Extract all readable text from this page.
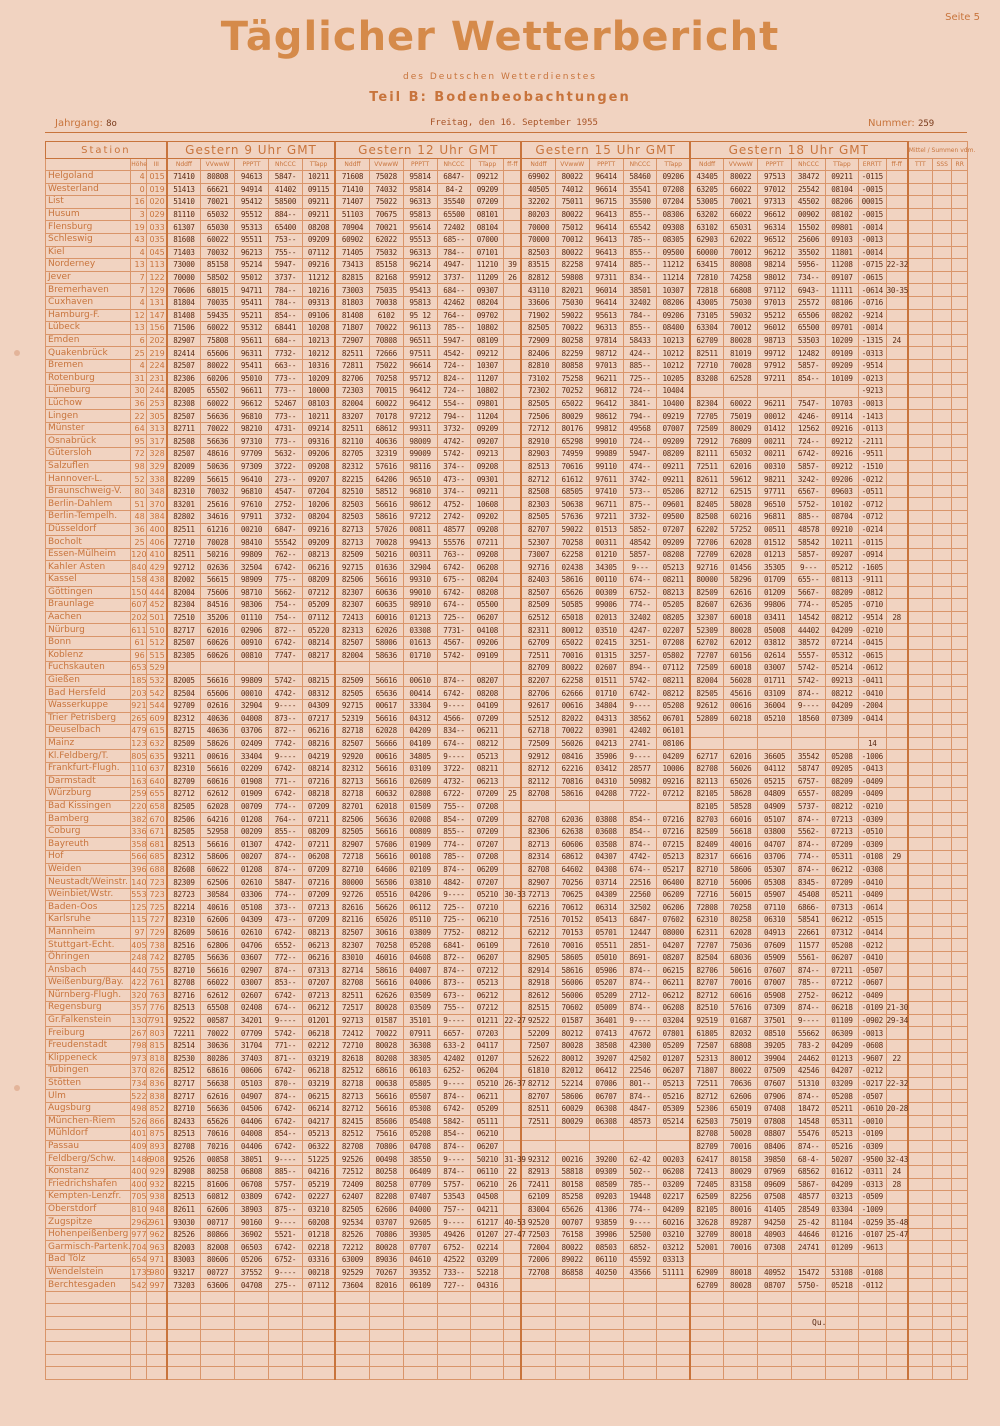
Seite 5
Täglicher Wetterbericht
des Deutschen Wetterdienstes
Teil B: Bodenbeobachtungen
Jahrgang: 8o	Freitag, den 16. September 1955	Nummer: 259
Station			Gestern 9 Uhr GMT					Gestern 12 Uhr GMT						Gestern 15 Uhr GMT					Gestern 18 Uhr GMT							Mittel / Summen vdm.		
	Höhe	III	Nddff	VVwwW	PPPTT	NhCCC	TTapp	Nddff	VVwwW	PPPTT	NhCCC	TTapp	ff-ff	Nddff	VVwwW	PPPTT	NhCCC	TTapp	Nddff	VVwwW	PPPTT	NhCCC	TTapp	ERRTT	ff-ff	TTT	SSS	RR
Helgoland	4	015	71410	80808	94613	5847-	10211	71608	75028	95814	6847-	09212		69902	80022	96414	58460	09206	43405	80022	97513	38472	09211	-0115				
Westerland	0	019	51413	66621	94914	41402	09115	71410	74032	95814	84-2	09209		40505	74012	96614	35541	07208	63205	66022	97012	25542	08104	-0015				
List	16	020	51410	70021	95412	58500	09211	71407	75022	96313	35540	07209		32202	75011	96715	35500	07204	53005	70021	97313	45502	08206	00015				
Husum	3	029	81110	65032	95512	884--	09211	51103	70675	95813	65500	08101		80203	80022	96413	855--	08306	63202	66022	96612	00902	08102	-0015				
Flensburg	19	033	61307	65030	95313	65400	08208	70904	70021	95614	72402	08104		70000	75012	96414	65542	09308	63102	65031	96314	15502	09801	-0014				
Schleswig	43	035	81608	60022	95511	753--	09209	60902	62022	95513	685--	07000		70000	70012	96413	785--	08305	62903	62022	96512	25606	09103	-0013				
Kiel	4	045	71403	70032	96213	755--	07112	71405	75032	96313	784--	07101		82503	80022	96413	855--	09500	60000	70012	96212	35502	11801	-0014				
Norderney	13	113	73000	85158	95214	5947-	09216	73413	85158	96214	4947-	11210	39	83515	82258	97414	885--	11212	63415	80808	98214	5956-	11208	-0715	22-32			
Jever	7	122	70000	58502	95012	3737-	11212	82815	82168	95912	3737-	11209	26	82812	59808	97311	834--	11214	72810	74258	98012	734--	09107	-0615				
Bremerhaven	7	129	70606	68015	94711	784--	10216	73003	75035	95413	684--	09307		43110	82021	96014	38501	10307	72818	66808	97112	6943-	11111	-0614	30-35			
Cuxhaven	4	131	81804	70035	95411	784--	09313	81803	70038	95813	42462	08204		33606	75030	96414	32402	08206	43005	75030	97013	25572	08106	-0716				
Hamburg-F.	12	147	81408	59435	95211	854--	09106	81408	6102	95 12	764--	09702		71902	59022	95613	784--	09206	73105	59032	95212	65506	08202	-9214				
Lübeck	13	156	71506	60022	95312	68441	10208	71807	70022	96113	785--	10802		82505	70022	96313	855--	08400	63304	70012	96012	65500	09701	-0014				
Emden	6	202	82907	75808	95611	684--	10213	72907	70808	96511	5947-	08109		72909	80258	97814	58433	10213	62709	80028	98713	53503	10209	-1315	24			
Quakenbrück	25	219	82414	65606	96311	7732-	10212	82511	72666	97511	4542-	09212		82406	82259	98712	424--	10212	82511	81019	99712	12482	09109	-0313				
Bremen	4	224	82507	80022	95411	663--	10316	72811	75022	96614	724--	10307		82810	80858	97013	885--	10212	72710	70028	97912	5857-	09209	-9514				
Rotenburg	31	231	82306	60206	95010	773--	10209	82706	70258	95712	824--	11207		73102	75258	96211	725--	10205	83208	62528	97211	854--	10109	-0213				
Lüneburg	30	244	82005	65502	96611	773--	10000	72303	70015	96412	724--	10802		72302	70252	96812	724--	10404						-9213				
Lüchow	36	253	82308	60022	96612	52467	08103	82004	60022	96412	554--	09801		82505	65022	96412	3841-	10400	82304	60022	96211	7547-	10703	-0013				
Lingen	22	305	82507	56636	96810	773--	10211	83207	70178	97212	794--	11204		72506	80029	98612	794--	09219	72705	75019	00012	4246-	09114	-1413				
Münster	64	313	82711	70022	98210	4731-	09214	82511	68612	99311	3732-	09209		72712	80176	99812	49568	07007	72509	80029	01412	12562	09216	-0113				
Osnabrück	95	317	82508	56636	97310	773--	09316	82110	40636	98009	4742-	09207		82910	65298	99010	724--	09209	72912	76809	00211	724--	09212	-2111				
Gütersloh	72	328	82507	48616	97709	5632-	09206	82705	32319	99009	5742-	09213		82903	74959	99089	5947-	08209	82111	65032	00211	6742-	09216	-9511				
Salzuflen	98	329	82009	50636	97309	3722-	09208	82312	57616	98116	374--	09208		82513	70616	99110	474--	09211	72511	62016	00310	5857-	09212	-1510				
Hannover-L.	52	338	82209	56615	96410	273--	09207	82215	64206	96510	473--	09301		82712	61612	97611	3742-	09211	82611	59612	98211	3242-	09206	-0212				
Braunschweig-V.	80	348	82310	70032	96810	4547-	07204	82510	58512	96810	374--	09211		82508	68505	97410	573--	05206	82712	62515	97711	6567-	09603	-0511				
Berlin-Dahlem	51	370	83201	25616	97610	2752-	10206	82503	56616	98612	4752-	10608		82303	50638	96711	875--	09601	82405	58028	96510	5752-	10102	-0712				
Berlin-Tempelh.	48	384	82802	34616	97911	3732-	08204	82503	58616	97212	2742-	09202		82505	57636	97211	3732-	09500	82508	60216	96811	885--	08704	-0712				
Düsseldorf	36	400	82511	61216	00210	6847-	09216	82713	57026	00811	48577	09208		82707	59022	01513	5852-	07207	62202	57252	00511	48578	09210	-0214				
Bocholt	25	406	72710	70028	98410	55542	09209	82713	70028	99413	55576	07211		52307	70258	00311	48542	09209	72706	62028	01512	58542	10211	-0115				
Essen-Mülheim	120	410	82511	50216	99809	762--	08213	82509	50216	00311	763--	09208		73007	62258	01210	5857-	08208	72709	62028	01213	5857-	09207	-0914				
Kahler Asten	840	429	92712	02636	32504	6742-	06216	92715	01636	32904	6742-	06208		92716	02438	34305	9---	05213	92716	01456	35305	9---	05212	-1605				
Kassel	158	438	82002	56615	98909	775--	08209	82506	56616	99310	675--	08204		82403	58616	00110	674--	08211	80000	58296	01709	655--	08113	-9111				
Göttingen	150	444	82004	75606	98710	5662-	07212	82307	60636	99010	6742-	08208		82507	65626	00309	6752-	08213	82509	62616	01209	5667-	08209	-0812				
Braunlage	607	452	82304	84516	98306	754--	05209	82307	60635	98910	674--	05500		82509	50585	99006	774--	05205	82607	62636	99806	774--	05205	-0710				
Aachen	202	501	72510	35206	01110	754--	07112	72413	60016	01213	725--	06207		62512	65018	02013	32402	08205	32307	60018	03411	14542	08212	-9514	28			
Nürburg	611	510	82717	62016	02906	872--	05220	82313	62026	03308	7731-	04108		82311	80012	03510	4247-	02207	52309	80028	05008	44402	04209	-0210				
Bonn	61	512	82507	60626	00910	6742-	08214	82507	58006	01613	4567-	09206		62709	65022	02415	3251-	07208	62702	62012	03812	38572	07214	-0415				
Koblenz	96	515	82305	60626	00810	7747-	08217	82004	58636	01710	5742-	09109		72511	70016	01315	3257-	05802	72707	60156	02614	5557-	05312	-0615				
Fuchskauten	653	529												82709	80022	02607	894--	07112	72509	60018	03007	5742-	05214	-0612				
Gießen	185	532	82005	56616	99809	5742-	08215	82509	56616	00610	874--	08207		82207	62258	01511	5742-	08211	82004	56028	01711	5742-	09213	-0411				
Bad Hersfeld	203	542	82504	65606	00010	4742-	08312	82505	65636	00414	6742-	08208		82706	62666	01710	6742-	08212	82505	45616	03109	874--	08212	-0410				
Wasserkuppe	921	544	92709	02616	32904	9----	04309	92715	00617	33304	9----	04109		92617	00616	34804	9----	05208	92612	00616	36004	9----	04209	-2004				
Trier Petrisberg	265	609	82312	40636	04008	873--	07217	52319	56616	04312	4566-	07209		52512	82022	04313	38562	06701	52809	60218	05210	18560	07309	-0414				
Deuselbach	479	615	82715	40636	03706	872--	06216	82718	62028	04209	834--	06211		62718	70022	03901	42402	06101										
Mainz	123	632	82509	58626	02409	7742-	08216	82507	56666	04109	674--	08212		72509	56026	04213	2741-	08106						14				
Kl.Feldberg/T.	805	635	93211	00616	33404	9----	04219	92920	00616	34805	9----	05213		92912	08416	35906	9----	04209	62717	62016	36605	35542	05208	-1006				
Frankfurt-Flugh.	110	637	82310	56616	02209	6742-	08214	82312	56616	03109	3722-	08211		82712	62216	03412	28577	10006	82708	56026	04112	58747	09205	-0413				
Darmstadt	163	640	82709	60616	01908	771--	07216	82713	56616	02609	4732-	06213		82112	70816	04310	50982	09216	82113	65026	05215	6757-	08209	-0409				
Würzburg	259	655	82712	62612	01909	6742-	08218	82718	60632	02808	6722-	07209	25	82708	58616	04208	7722-	07212	82105	58628	04809	6557-	08209	-0409				
Bad Kissingen	220	658	82505	62028	00709	774--	07209	82701	62018	01509	755--	07208							82105	58528	04909	5737-	08212	-0210				
Bamberg	382	670	82506	64216	01208	764--	07211	82506	56636	02008	854--	07209		82708	62036	03808	854--	07216	82703	66016	05107	874--	07213	-0309				
Coburg	336	671	82505	52958	00209	855--	08209	82505	56616	00809	855--	07209		82306	62638	03608	854--	07216	82509	56618	03800	5562-	07213	-0510				
Bayreuth	358	681	82513	56616	01307	4742-	07211	82907	57606	01909	774--	07207		82713	60606	03508	874--	07215	82409	40016	04707	874--	07209	-0309				
Hof	566	685	82312	58606	00207	874--	06208	72718	56616	00108	785--	07208		82314	68612	04307	4742-	05213	82317	66616	03706	774--	05311	-0108	29			
Weiden	396	688	82608	60622	01208	874--	07209	82710	64606	02109	874--	06209		82708	64602	04308	674--	05217	82710	58606	05307	874--	06212	-0308				
Neustadt/Weinstr.	140	723	82309	62506	02610	5847-	07216	80000	56506	03810	4842-	07207		82907	70256	03714	22516	06400	82710	56006	05308	8345-	07209	-0410				
Weinbiet/Wstr.	553	723	82723	30584	03306	774--	07209	92726	05516	04206	9----	05210	30-33	72713	70625	04309	22560	06209	72716	56015	05907	45408	05211	-0409				
Baden-Oos	125	725	82214	40616	05108	373--	07213	82616	56626	06112	725--	07210		62216	70612	06314	32502	06206	72808	70258	07110	6866-	07313	-0614				
Karlsruhe	115	727	82310	62606	04309	473--	07209	82116	65026	05110	725--	06210		72516	70152	05413	6847-	07602	62310	80258	06310	58541	06212	-0515				
Mannheim	97	729	82609	50616	02610	6742-	08213	82507	30616	03809	7752-	08212		62212	70153	05701	12447	08000	62311	62028	04913	22661	07312	-0414				
Stuttgart-Echt.	405	738	82516	62806	04706	6552-	06213	82307	70258	05208	6841-	06109		72610	70016	05511	2851-	04207	72707	75036	07609	11577	05208	-0212				
Öhringen	248	742	82705	56636	03607	772--	06216	83010	46016	04608	872--	06207		82905	58605	05010	8691-	08207	82504	68036	05909	5561-	06207	-0410				
Ansbach	440	755	82710	56616	02907	874--	07313	82714	58616	04007	874--	07212		82914	58616	05906	874--	06215	82706	50616	07607	874--	07211	-0507				
Weißenburg/Bay.	422	761	82708	66022	03007	853--	07207	82708	56616	04006	873--	05213		82918	56006	05207	874--	06211	82707	70016	07007	785--	07212	-0607				
Nürnberg-Flugh.	320	763	82716	62612	02607	6742-	07213	82511	62626	03509	673--	06212		82612	56006	05209	2712-	06212	82712	60616	05908	2752-	06212	-0409				
Regensburg	357	776	82513	65508	02408	674--	06212	72517	80028	03509	755--	07212		82515	70602	05009	874--	06208	82510	57616	07309	874--	06218	-0109	21-30			
Gr.Falkenstein	1307	791	92522	00587	34201	9----	01201	92713	01587	35101	9----	01211	22-27	92522	01587	36401	9----	03204	92519	01687	37501	9----	01109	-0902	29-34			
Freiburg	267	803	72211	70022	07709	5742-	06218	72412	70022	07911	6657-	07203		52209	80212	07413	47672	07801	61805	82032	08510	55662	06309	-0013				
Freudenstadt	798	815	82514	30636	31704	771--	02212	72710	80028	36308	633-2	04117		72507	80028	38508	42300	05209	72507	68808	39205	783-2	04209	-0608				
Klippeneck	973	818	82530	80286	37403	871--	03219	82618	80208	38305	42402	01207		52622	80012	39207	42502	01207	52313	80012	39904	24462	01213	-9607	22			
Tübingen	370	826	82512	68616	00606	6742-	06218	82512	68616	06103	6252-	06204		61810	82012	06412	22546	06207	71807	80022	07509	42546	04207	-0212				
Stötten	734	836	82717	56638	05103	870--	03219	82718	00638	05805	9----	05210	26-37	82712	52214	07006	801--	05213	72511	70636	07607	51310	03209	-0217	22-32			
Ulm	522	838	82717	62616	04907	874--	06215	82713	56616	05507	874--	06211		82707	58606	06707	874--	05216	82712	62606	07906	874--	05208	-0507				
Augsburg	498	852	82710	56636	04506	6742-	06214	82712	56616	05308	6742-	05209		82511	60029	06308	4847-	05309	52306	65019	07408	18472	05211	-0610	20-28			
München-Riem	526	866	82433	65626	04406	6742-	04217	82415	85606	05408	5842-	05111		72511	80029	06308	48573	05214	62503	75019	07808	14548	05311	-0010				
Mühldorf	401	875	82513	70616	04008	854--	05213	82512	75616	05208	854--	06210							82708	50028	08807	55476	05213	-0109				
Passau	409	893	82708	70216	04406	6742-	06322	82708	70806	04708	874--	06207							82709	70016	08406	874--	05216	-0309				
Feldberg/Schw.	1486	908	92526	00858	38051	9----	51225	92526	00498	38550	9----	50210	31-39	92312	00216	39200	62-42	00203	62417	80158	39850	68-4-	50207	-9500	32-43			
Konstanz	400	929	82908	80258	06808	885--	04216	72512	80258	06409	874--	06110	22	82913	58818	09309	502--	06208	72413	80029	07969	68562	01612	-0311	24			
Friedrichshafen	400	932	82215	81606	06708	5757-	05219	72409	80258	07709	5757-	06210	26	72411	80158	08509	785--	03209	72405	83158	09609	5867-	04209	-0313	28			
Kempten-Lenzfr.	705	938	82513	60812	03809	6742-	02227	62407	82208	07407	53543	04508		62109	85258	09203	19448	02217	62509	82256	07508	48577	03213	-0509				
Oberstdorf	810	948	82611	62606	38903	875--	03210	82505	62606	04000	757--	04211		83004	65626	41306	774--	04209	82105	80016	41405	28549	03304	-1009				
Zugspitze	2962	961	93030	00717	90160	9----	60208	92534	03707	92605	9----	61217	40-53	92520	00707	93859	9----	60216	32628	89287	94250	25-42	81104	-0259	35-48			
Hohenpeißenberg	977	962	82526	80866	36902	5521-	01218	82526	70806	39305	49426	01207	27-47	72503	76158	39906	52500	03210	32709	80018	40903	44646	01216	-0107	25-47			
Garmisch-Partenk.	704	963	82003	82008	06503	6742-	02218	72212	80028	07707	6752-	02214		72004	80022	08503	6852-	03212	52001	70016	07308	24741	01209	-9613				
Bad Tölz	654	971	83003	80606	05206	6752-	03316	63009	89036	04610	42522	03209		72006	89022	06110	45592	03313										
Wendelstein	1735	980	93217	00727	37552	9----	00218	92529	70267	39352	733--	52218		72708	86858	40250	43566	51111	62909	80018	40952	15472	53108	-0108				
Berchtesgaden	542	997	73203	63606	04708	275--	07112	73604	82016	06109	727--	04316							62709	80028	08707	5750-	05218	-0112				

Qu.
